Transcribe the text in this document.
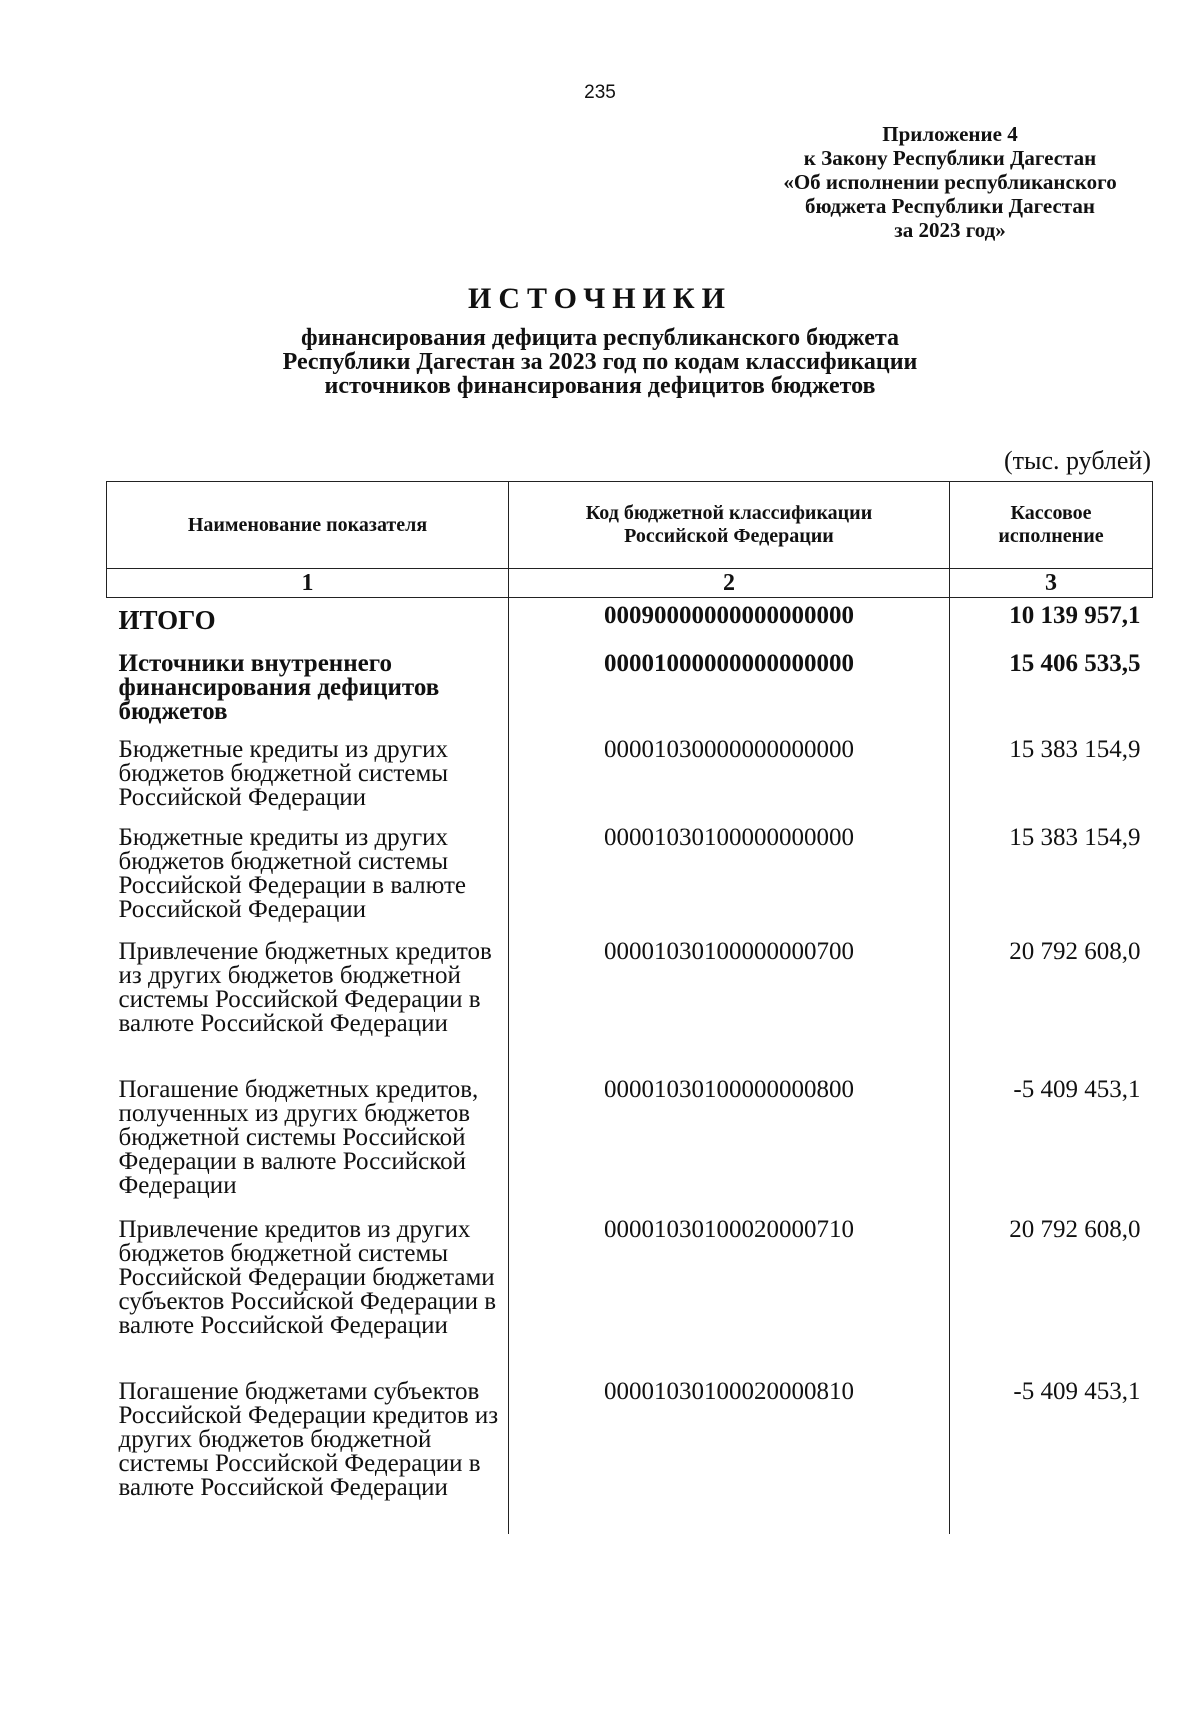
235
Приложение 4
к Закону Республики Дагестан
«Об исполнении республиканского
бюджета Республики Дагестан
за 2023 год»
ИСТОЧНИКИ
финансирования дефицита республиканского бюджета
Республики Дагестан за 2023 год по кодам классификации
источников финансирования дефицитов бюджетов
(тыс. рублей)
Наименование показателя	Код бюджетной классификации Российской Федерации	Кассовое исполнение
1	2	3
ИТОГО	00090000000000000000	10 139 957,1
Источники внутреннего финансирования дефицитов бюджетов	00001000000000000000	15 406 533,5
Бюджетные кредиты из других бюджетов бюджетной системы Российской Федерации	00001030000000000000	15 383 154,9
Бюджетные кредиты из других бюджетов бюджетной системы Российской Федерации в валюте Российской Федерации	00001030100000000000	15 383 154,9
Привлечение бюджетных кредитов из других бюджетов бюджетной системы Российской Федерации в валюте Российской Федерации	00001030100000000700	20 792 608,0
Погашение бюджетных кредитов, полученных из других бюджетов бюджетной системы Российской Федерации в валюте Российской Федерации	00001030100000000800	-5 409 453,1
Привлечение кредитов из других бюджетов бюджетной системы Российской Федерации бюджетами субъектов Российской Федерации в валюте Российской Федерации	00001030100020000710	20 792 608,0
Погашение бюджетами субъектов Российской Федерации кредитов из других бюджетов бюджетной системы Российской Федерации в валюте Российской Федерации	00001030100020000810	-5 409 453,1
